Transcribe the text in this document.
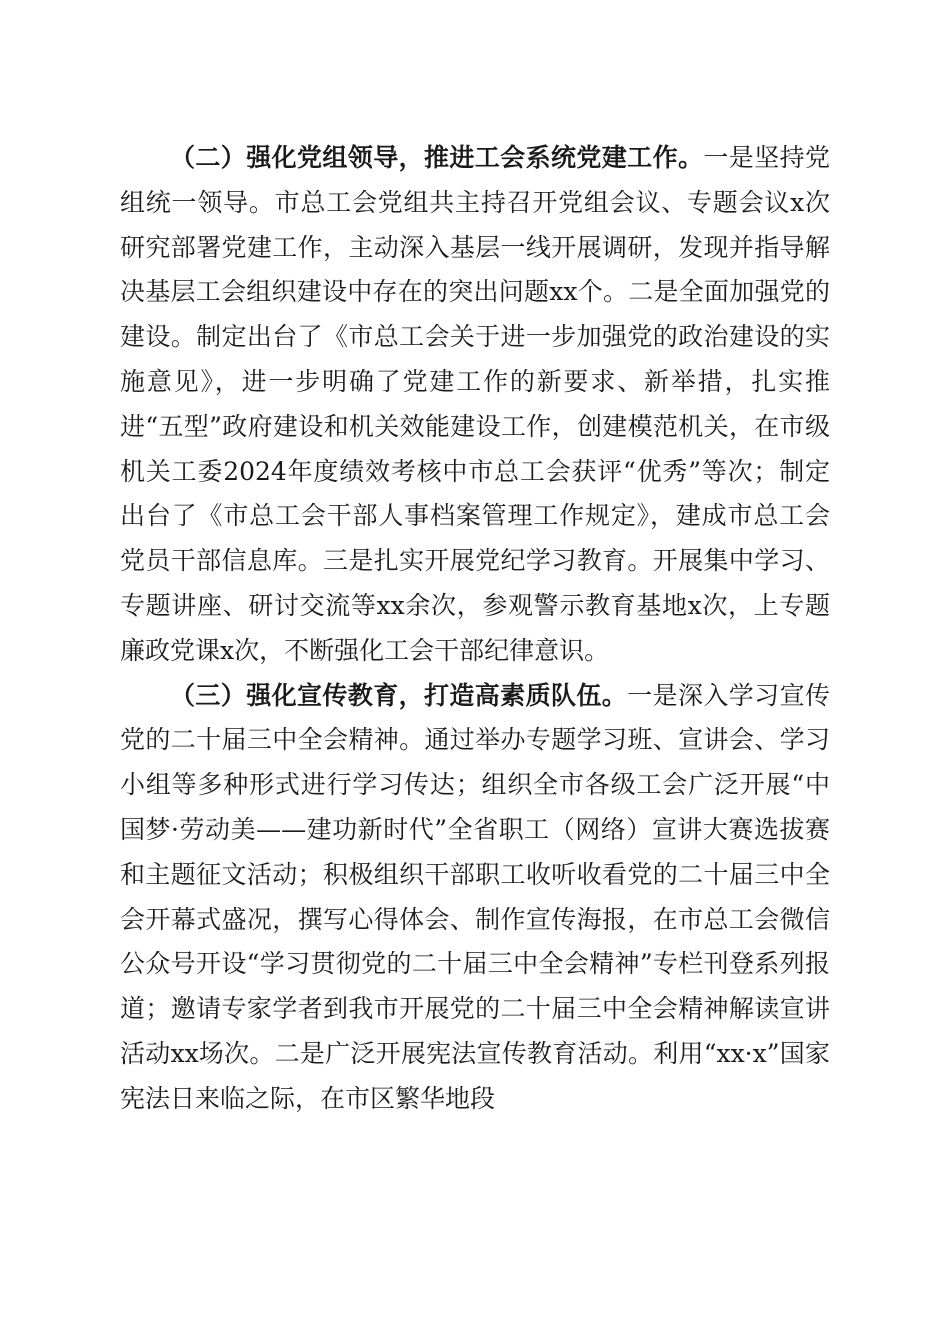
（二）强化党组领导，推进工会系统党建工作。一是坚持党组统一领导。市总工会党组共主持召开党组会议、专题会议x次研究部署党建工作，主动深入基层一线开展调研，发现并指导解决基层工会组织建设中存在的突出问题xx个。二是全面加强党的建设。制定出台了《市总工会关于进一步加强党的政治建设的实施意见》，进一步明确了党建工作的新要求、新举措，扎实推进“五型”政府建设和机关效能建设工作，创建模范机关，在市级机关工委2024年度绩效考核中市总工会获评“优秀”等次；制定出台了《市总工会干部人事档案管理工作规定》，建成市总工会党员干部信息库。三是扎实开展党纪学习教育。开展集中学习、专题讲座、研讨交流等xx余次，参观警示教育基地x次，上专题廉政党课x次，不断强化工会干部纪律意识。

（三）强化宣传教育，打造高素质队伍。一是深入学习宣传党的二十届三中全会精神。通过举办专题学习班、宣讲会、学习小组等多种形式进行学习传达；组织全市各级工会广泛开展“中国梦·劳动美——建功新时代”全省职工（网络）宣讲大赛选拔赛和主题征文活动；积极组织干部职工收听收看党的二十届三中全会开幕式盛况，撰写心得体会、制作宣传海报，在市总工会微信公众号开设“学习贯彻党的二十届三中全会精神”专栏刊登系列报道；邀请专家学者到我市开展党的二十届三中全会精神解读宣讲活动xx场次。二是广泛开展宪法宣传教育活动。利用“xx·x”国家宪法日来临之际，在市区繁华地段
